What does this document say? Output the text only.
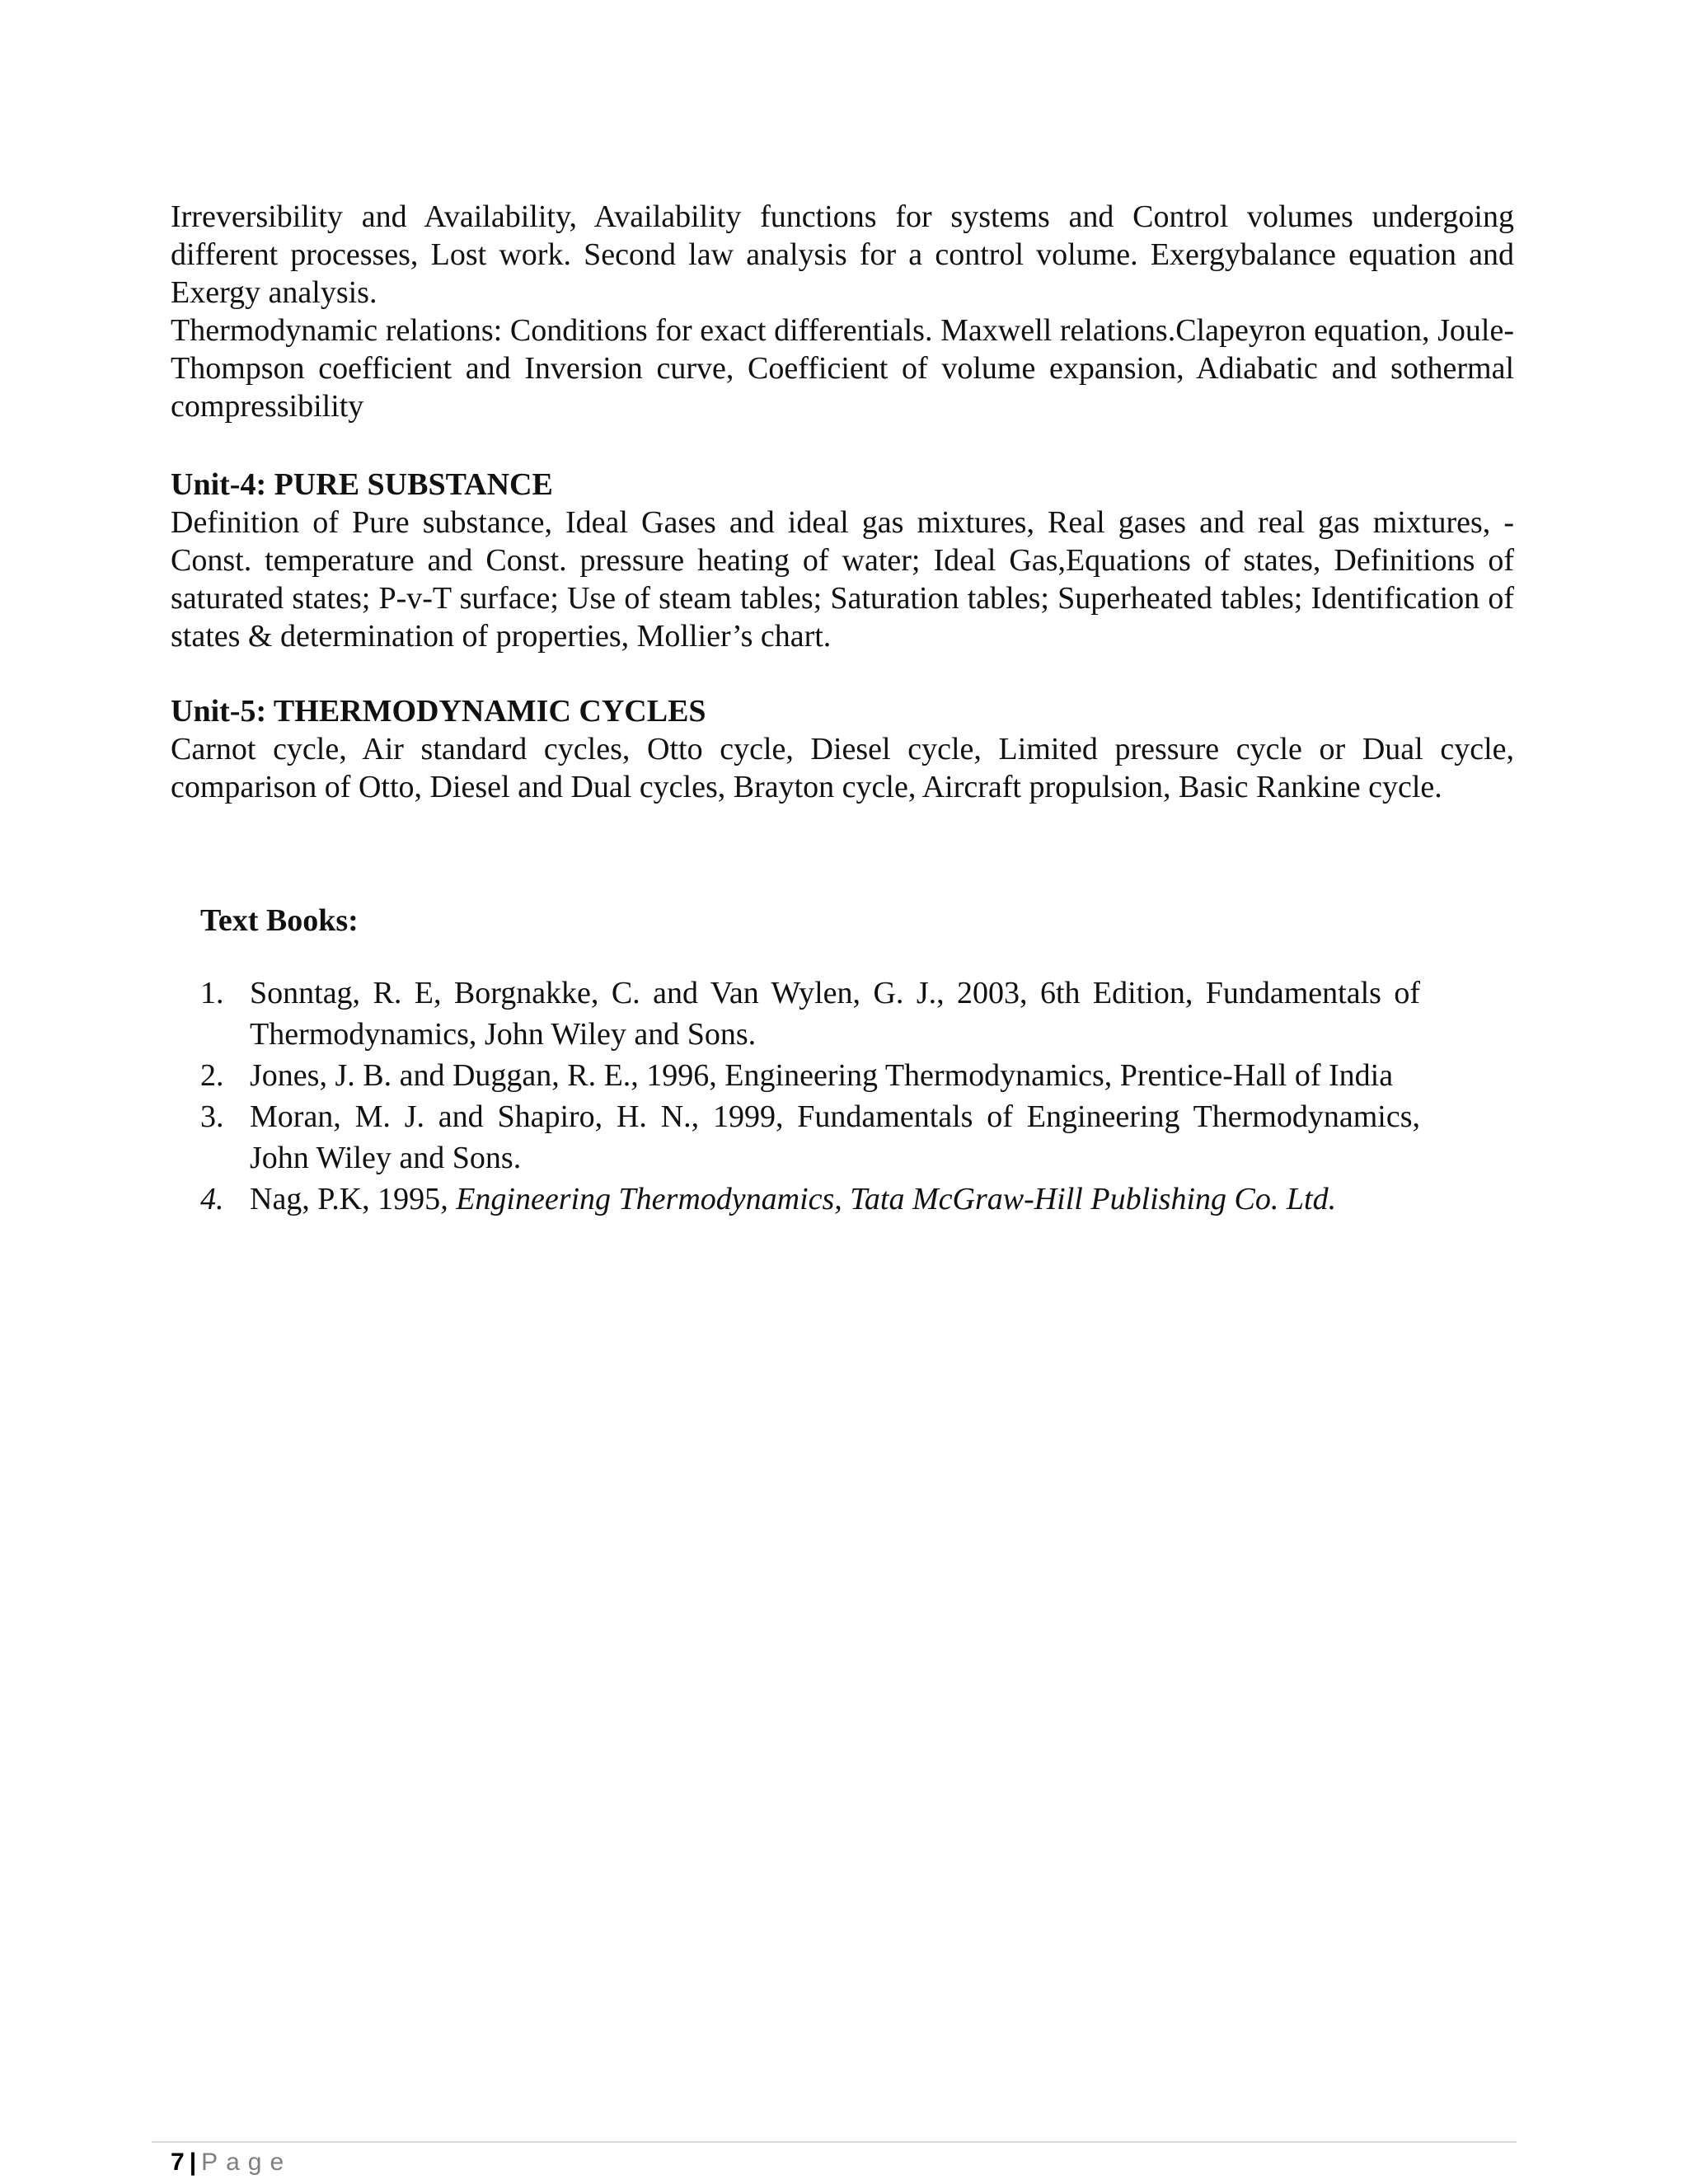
Irreversibility and Availability, Availability functions for systems and Control volumes undergoing different processes, Lost work. Second law analysis for a control volume. Exergybalance equation and Exergy analysis.
Thermodynamic relations: Conditions for exact differentials. Maxwell relations.Clapeyron equation, Joule-Thompson coefficient and Inversion curve, Coefficient of volume expansion, Adiabatic and sothermal compressibility
Unit-4: PURE SUBSTANCE
Definition of Pure substance, Ideal Gases and ideal gas mixtures, Real gases and real gas mixtures, - Const. temperature and Const. pressure heating of water; Ideal Gas,Equations of states, Definitions of saturated states; P-v-T surface; Use of steam tables; Saturation tables; Superheated tables; Identification of states & determination of properties, Mollier’s chart.
Unit-5: THERMODYNAMIC CYCLES
Carnot cycle, Air standard cycles, Otto cycle, Diesel cycle, Limited pressure cycle or Dual cycle, comparison of Otto, Diesel and Dual cycles, Brayton cycle, Aircraft propulsion, Basic Rankine cycle.
Text Books:
1. Sonntag, R. E, Borgnakke, C. and Van Wylen, G. J., 2003, 6th Edition, Fundamentals of Thermodynamics, John Wiley and Sons.
2. Jones, J. B. and Duggan, R. E., 1996, Engineering Thermodynamics, Prentice-Hall of India
3. Moran, M. J. and Shapiro, H. N., 1999, Fundamentals of Engineering Thermodynamics, John Wiley and Sons.
4. Nag, P.K, 1995, Engineering Thermodynamics, Tata McGraw-Hill Publishing Co. Ltd.
7 | Page
